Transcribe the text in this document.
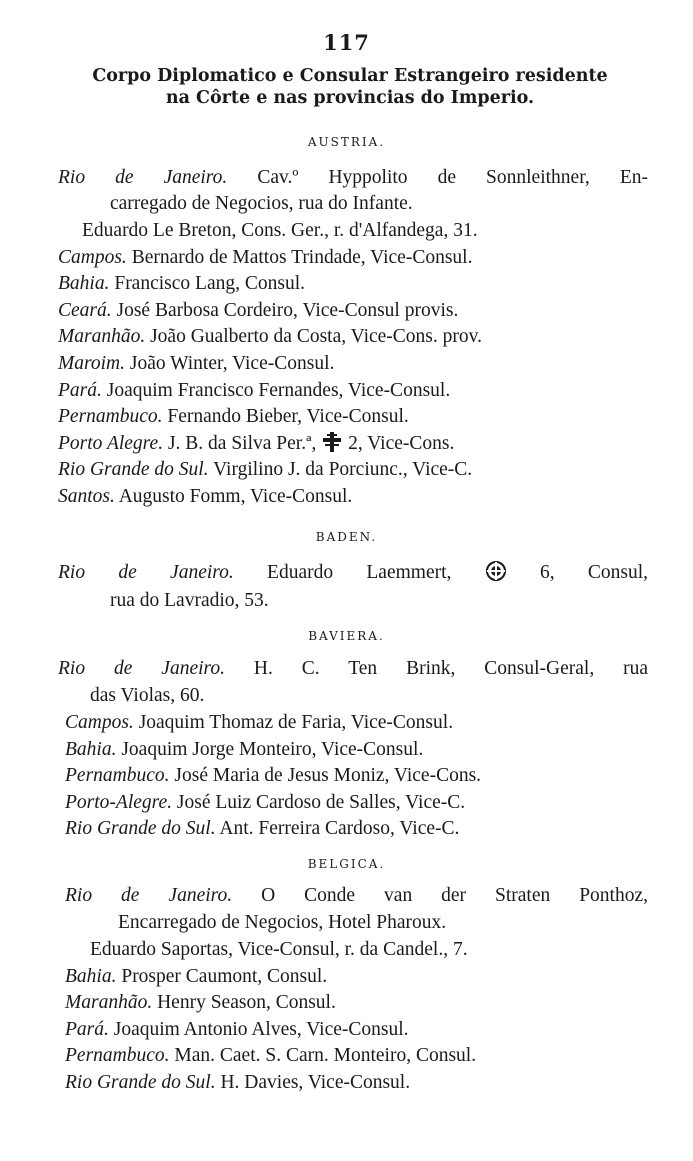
117
Corpo Diplomatico e Consular Estrangeiro residente
na Côrte e nas provincias do Imperio.
AUSTRIA.
Rio de Janeiro. Cav.º Hyppolito de Sonnleithner, En-
carregado de Negocios, rua do Infante.
Eduardo Le Breton, Cons. Ger., r. d'Alfandega, 31.
Campos. Bernardo de Mattos Trindade, Vice-Consul.
Bahia. Francisco Lang, Consul.
Ceará. José Barbosa Cordeiro, Vice-Consul provis.
Maranhão. João Gualberto da Costa, Vice-Cons. prov.
Maroim. João Winter, Vice-Consul.
Pará. Joaquim Francisco Fernandes, Vice-Consul.
Pernambuco. Fernando Bieber, Vice-Consul.
Porto Alegre. J. B. da Silva Per.ª, 2, Vice-Cons.
Rio Grande do Sul. Virgilino J. da Porciunc., Vice-C.
Santos. Augusto Fomm, Vice-Consul.
BADEN.
Rio de Janeiro. Eduardo Laemmert,	6, Consul,
rua do Lavradio, 53.
BAVIERA.
Rio de Janeiro. H. C. Ten Brink, Consul-Geral, rua
das Violas, 60.
Campos. Joaquim Thomaz de Faria, Vice-Consul.
Bahia. Joaquim Jorge Monteiro, Vice-Consul.
Pernambuco. José Maria de Jesus Moniz, Vice-Cons.
Porto-Alegre. José Luiz Cardoso de Salles, Vice-C.
Rio Grande do Sul. Ant. Ferreira Cardoso, Vice-C.
BELGICA.
Rio de Janeiro. O Conde van der Straten Ponthoz,
Encarregado de Negocios, Hotel Pharoux.
Eduardo Saportas, Vice-Consul, r. da Candel., 7.
Bahia. Prosper Caumont, Consul.
Maranhão. Henry Season, Consul.
Pará. Joaquim Antonio Alves, Vice-Consul.
Pernambuco. Man. Caet. S. Carn. Monteiro, Consul.
Rio Grande do Sul. H. Davies, Vice-Consul.
